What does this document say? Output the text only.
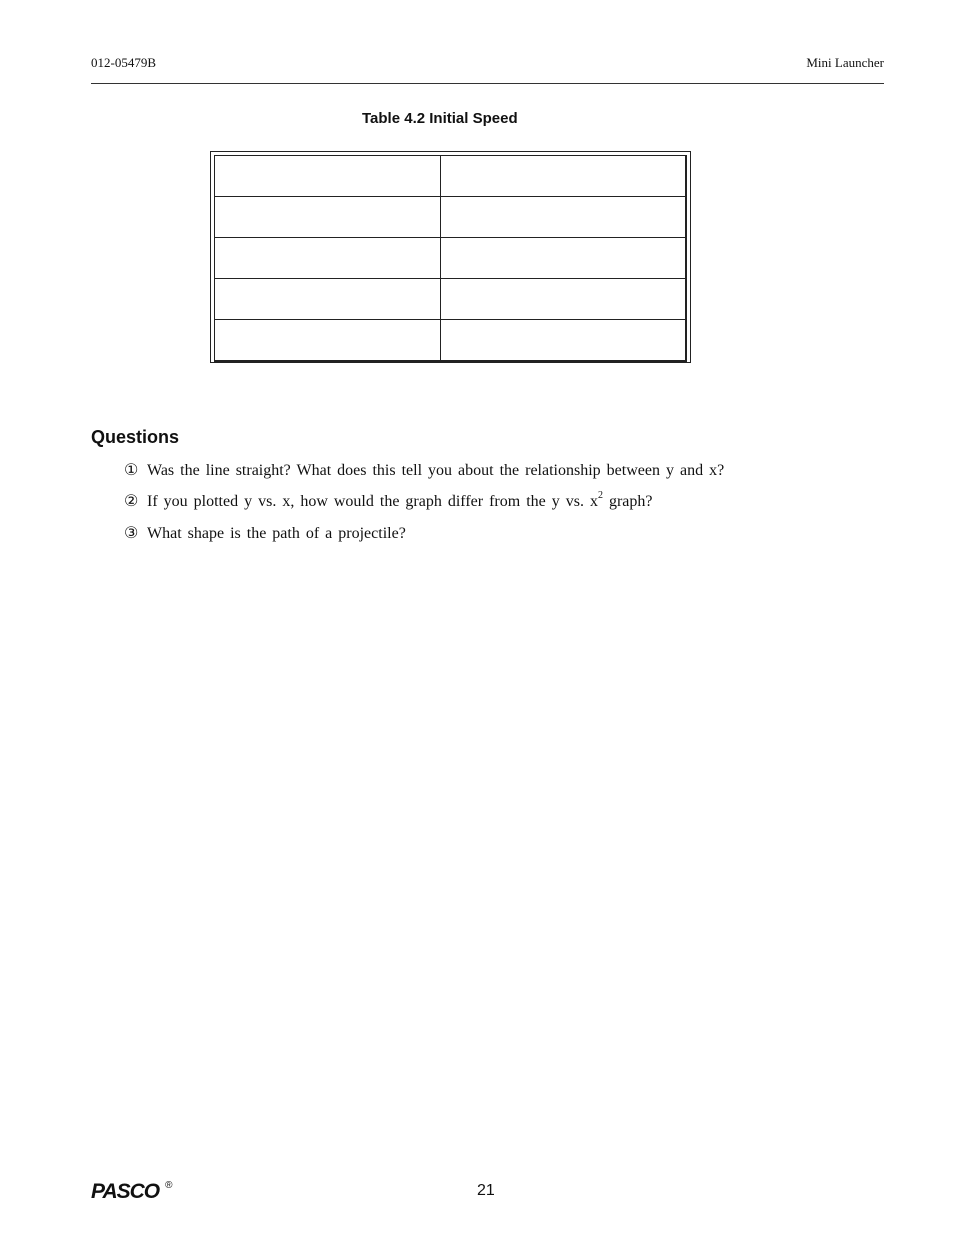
012-05479B	Mini Launcher
Table 4.2 Initial Speed

Questions
① Was the line straight? What does this tell you about the relationship between y and x?
② If you plotted y vs. x, how would the graph differ from the y vs. $x^2$ graph?
③ What shape is the path of a projectile?
PASCO ®	21
